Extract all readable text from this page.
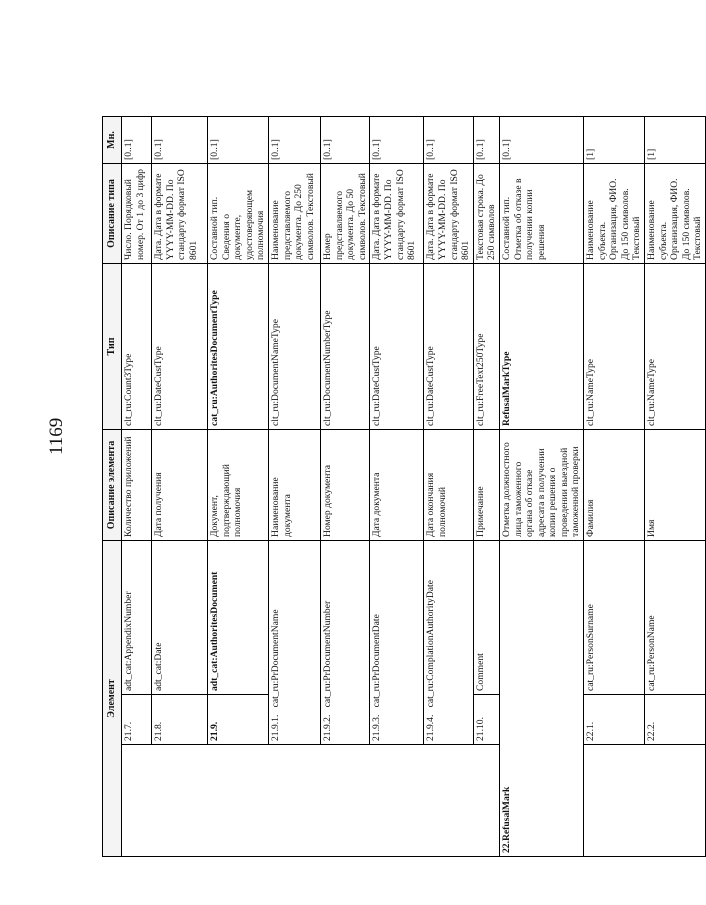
1169
Элемент			Описание элемента	Тип	Описание типа	Мн.
	21.7.	adt_cat:AppendixNumber	Количество приложений	clt_ru:Count3Type	Число. Порядковый номер. От 1 до 3 цифр	[0..1]
	21.8.	adt_cat:Date	Дата получения	clt_ru:DateCustType	Дата. Дата в формате YYYY-MM-DD. По стандарту формат ISO 8601	[0..1]
	21.9.	adt_cat:AuthoritesDocument	Документ, подтверждающий полномочия	cat_ru:AuthoritesDocumentType	Составной тип. Сведения о документе, удостоверяющем полномочия	[0..1]
	21.9.1.   cat_ru:PrDocumentName		Наименование документа	clt_ru:DocumentNameType	Наименование представляемого документа. До 250 символов. Текстовый	[0..1]
	21.9.2.   cat_ru:PrDocumentNumber		Номер документа	clt_ru:DocumentNumberType	Номер представляемого документа. До 50 символов. Текстовый	[0..1]
	21.9.3.   cat_ru:PrDocumentDate		Дата документа	clt_ru:DateCustType	Дата. Дата в формате YYYY-MM-DD. По стандарту формат ISO 8601	[0..1]
	21.9.4.   cat_ru:ComplationAuthorityDate		Дата окончания полномочий	clt_ru:DateCustType	Дата. Дата в формате YYYY-MM-DD. По стандарту формат ISO 8601	[0..1]
	21.10.	Comment	Примечание	clt_ru:FreeText250Type	Текстовая строка. До 250 символов	[0..1]
22.RefusalMark			Отметка должностного лица таможенного органа об отказе адресата в получении копии решения о проведении выездной таможенной проверки	RefusalMarkType	Составной тип. Отметка об отказе в получении копии решения	[0..1]
	22.1.	cat_ru:PersonSurname	Фамилия	clt_ru:NameType	Наименование субъекта. Организация, ФИО. До 150 символов. Текстовый	[1]
	22.2.	cat_ru:PersonName	Имя	clt_ru:NameType	Наименование субъекта. Организация, ФИО. До 150 символов. Текстовый	[1]
